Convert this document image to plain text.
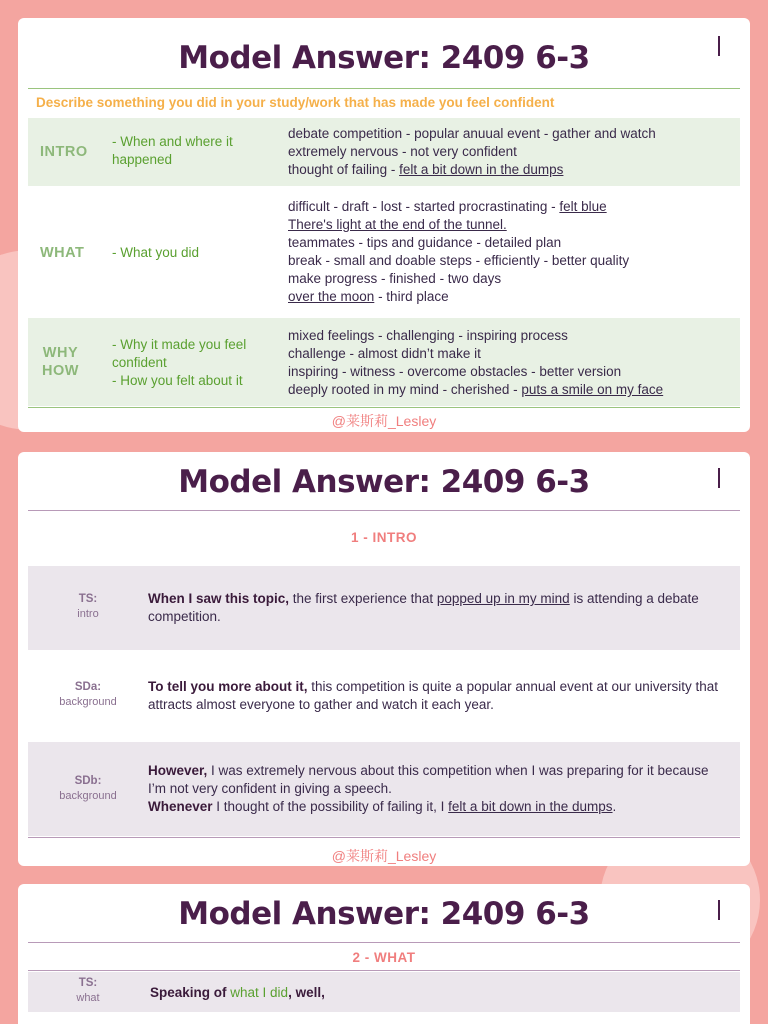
Model Answer: 2409 6-3
Describe something you did in your study/work that has made you feel confident
INTRO
- When and where it happened

debate competition - popular anuual event - gather and watch

extremely nervous - not very confident

thought of failing - felt a bit down in the dumps

WHAT - What you did

difficult - draft - lost - started procrastinating - felt blue

There's light at the end of the tunnel.

teammates - tips and guidance - detailed plan

break - small and doable steps - efficiently - better quality

make progress - finished - two days

over the moon - third place

WHY
HOW
- Why it made you feel confident
- How you felt about it

mixed feelings - challenging - inspiring process

challenge - almost didn’t make it

inspiring - witness - overcome obstacles - better version

deeply rooted in my mind - cherished - puts a smile on my face

@莱斯莉_Lesley
Model Answer: 2409 6-3
1 - INTRO
TS:
intro
When I saw this topic, the first experience that popped up in my mind is attending a debate competition.
SDa:
background
To tell you more about it, this competition is quite a popular annual event at our university that attracts almost everyone to gather and watch it each year.
SDb:
background
However, I was extremely nervous about this competition when I was preparing for it because I’m not very confident in giving a speech.
Whenever I thought of the possibility of failing it, I felt a bit down in the dumps.
@莱斯莉_Lesley
Model Answer: 2409 6-3
2 - WHAT
TS:
what	Speaking of what I did, well,
